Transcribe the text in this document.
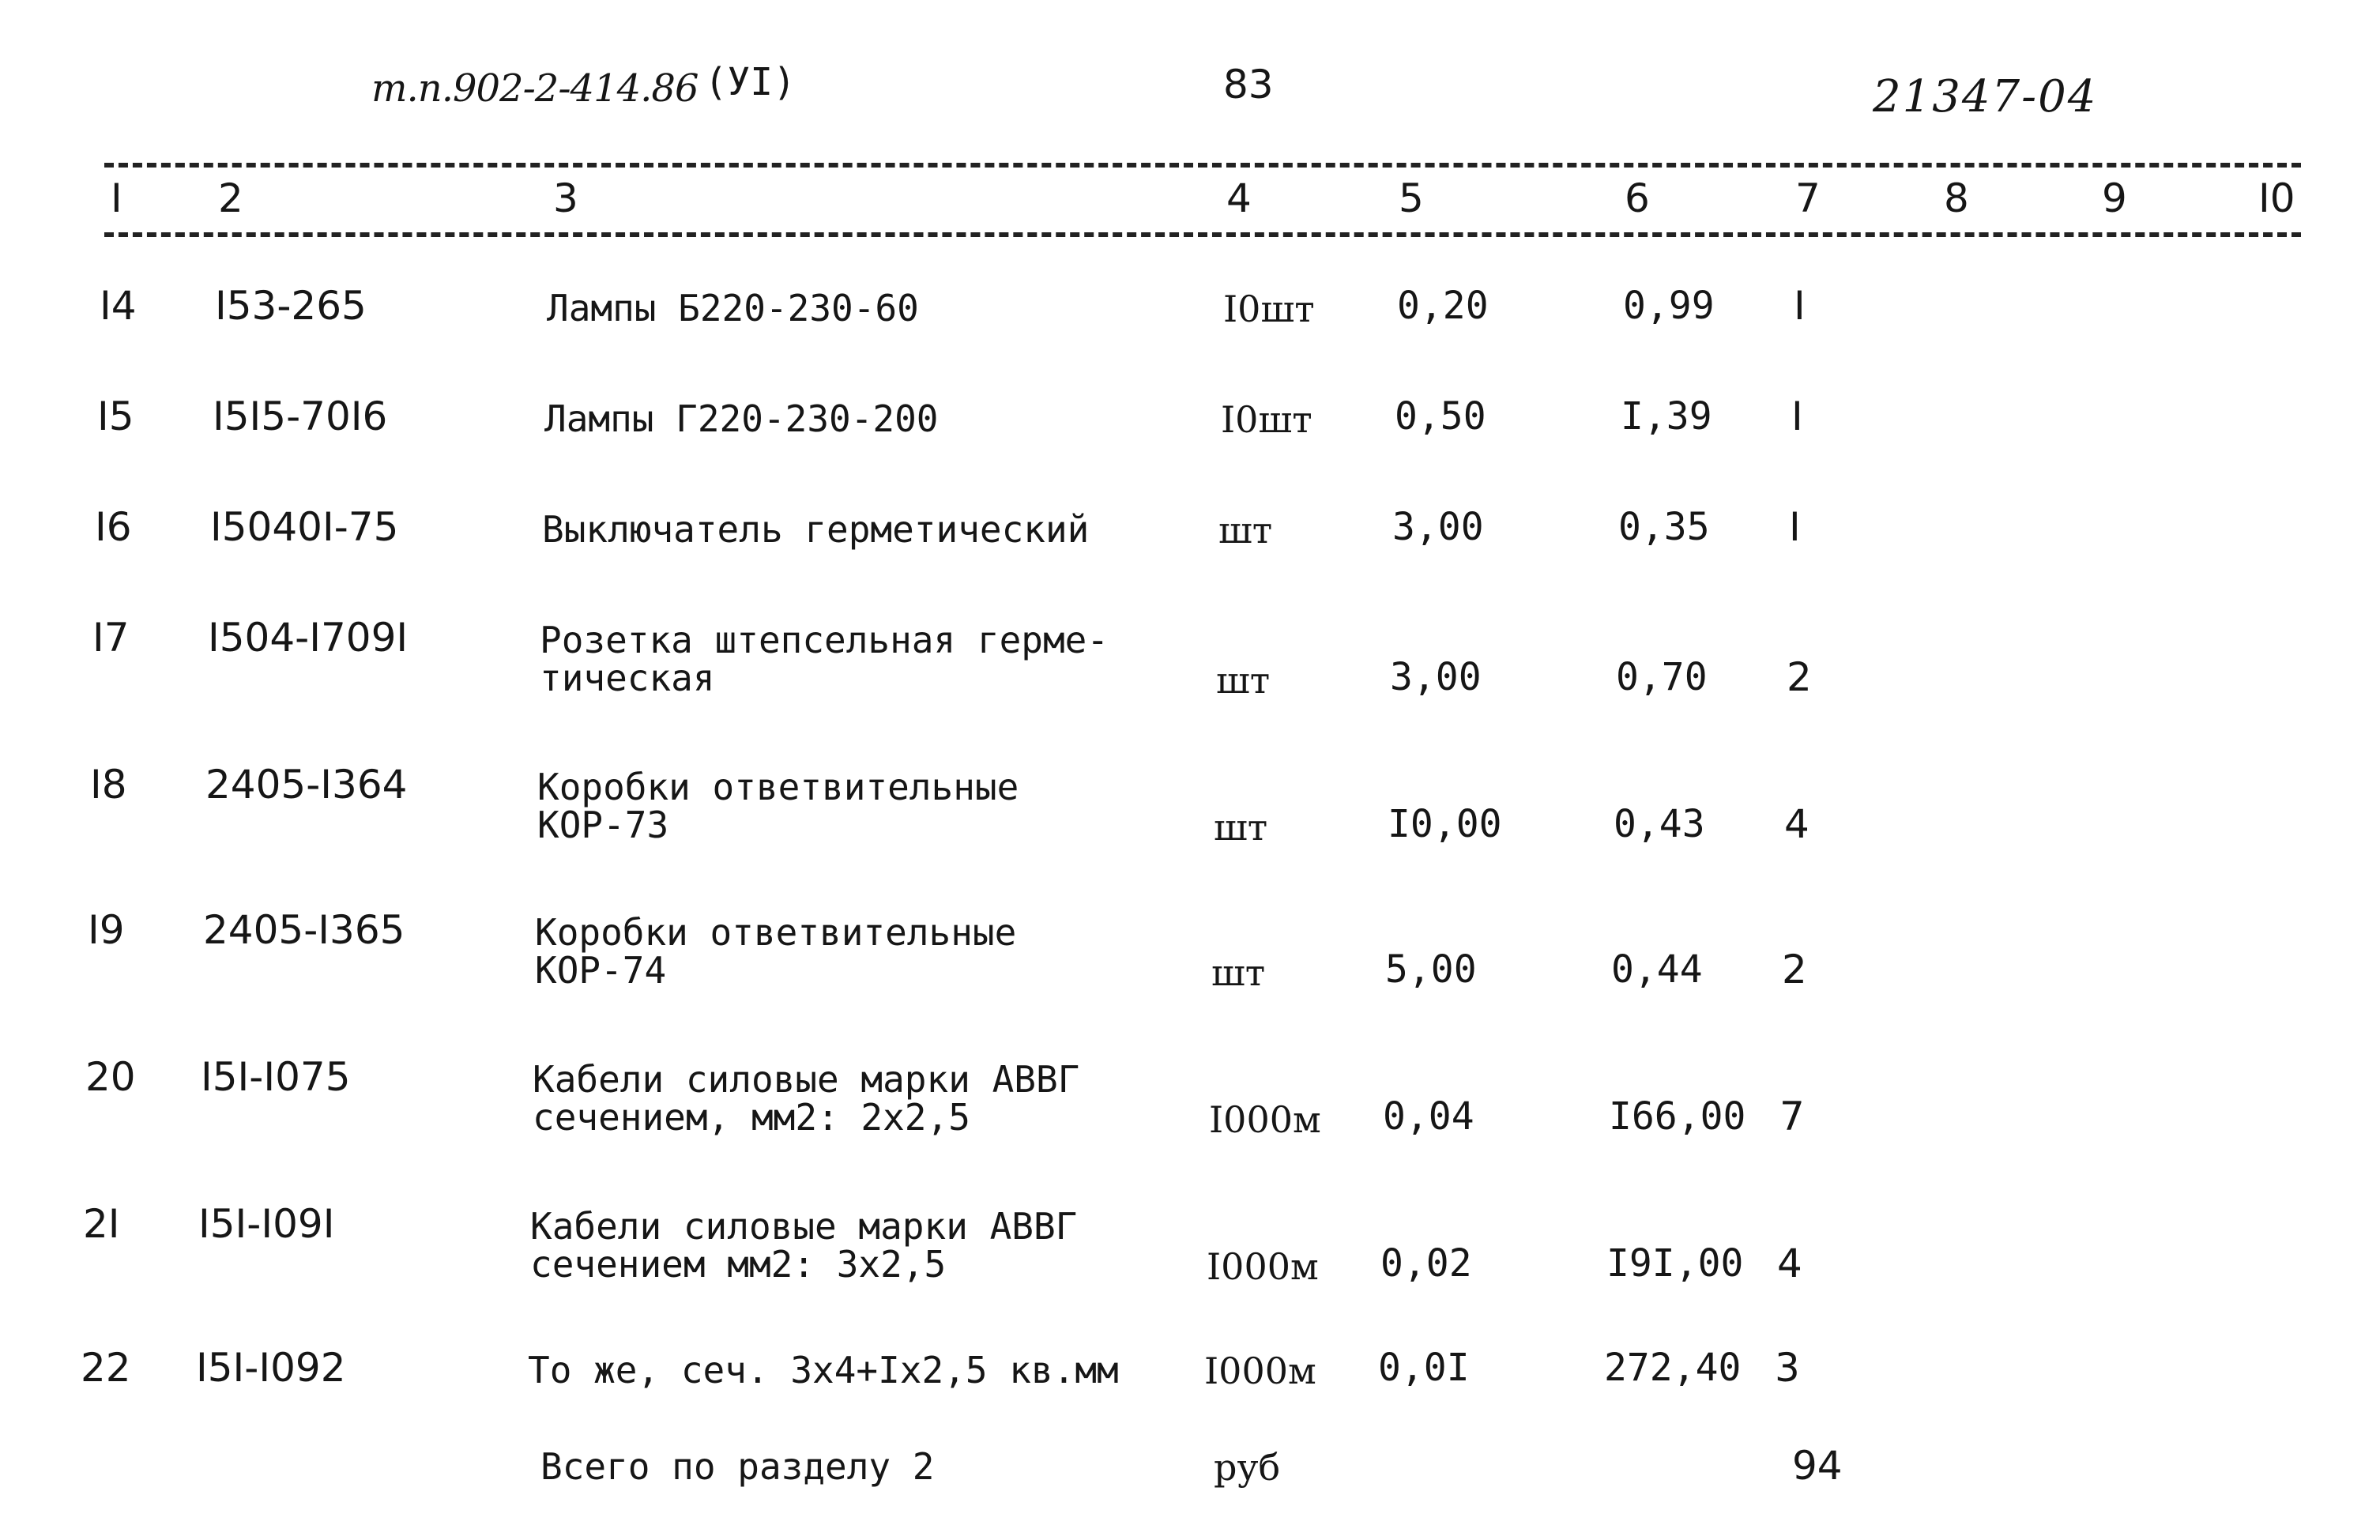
т.п.902-2-414.86 (УI)	83	21347-04
I 2	3	4	5	6	7	8	9	I0
I4 I53-265	Лампы Б220-230-60	I0шт 0,20	0,99 I
I5 I5I5-70I6	Лампы Г220-230-200	I0шт 0,50	I,39 I
I6 I5040I-75	Выключатель герметический	шт	3,00	0,35 I
I7 I504-I709I	Розетка штепсельная герме-
тическая	шт	3,00	0,70 2
I8 2405-I364	Коробки ответвительные
КОР-73	шт	I0,00	0,43 4
I9 2405-I365	Коробки ответвительные
КОР-74	шт	5,00	0,44 2
20 I5I-I075	Кабели силовые марки АВВГ
сечением, мм2: 2х2,5	I000м 0,04	I66,00 7
2I I5I-I09I	Кабели силовые марки АВВГ
сечением мм2: 3х2,5	I000м 0,02	I9I,00 4
22 I5I-I092	То же, сеч. 3х4+Iх2,5 кв.мм I000м 0,0I	272,40 3
Всего по разделу 2	руб	94
